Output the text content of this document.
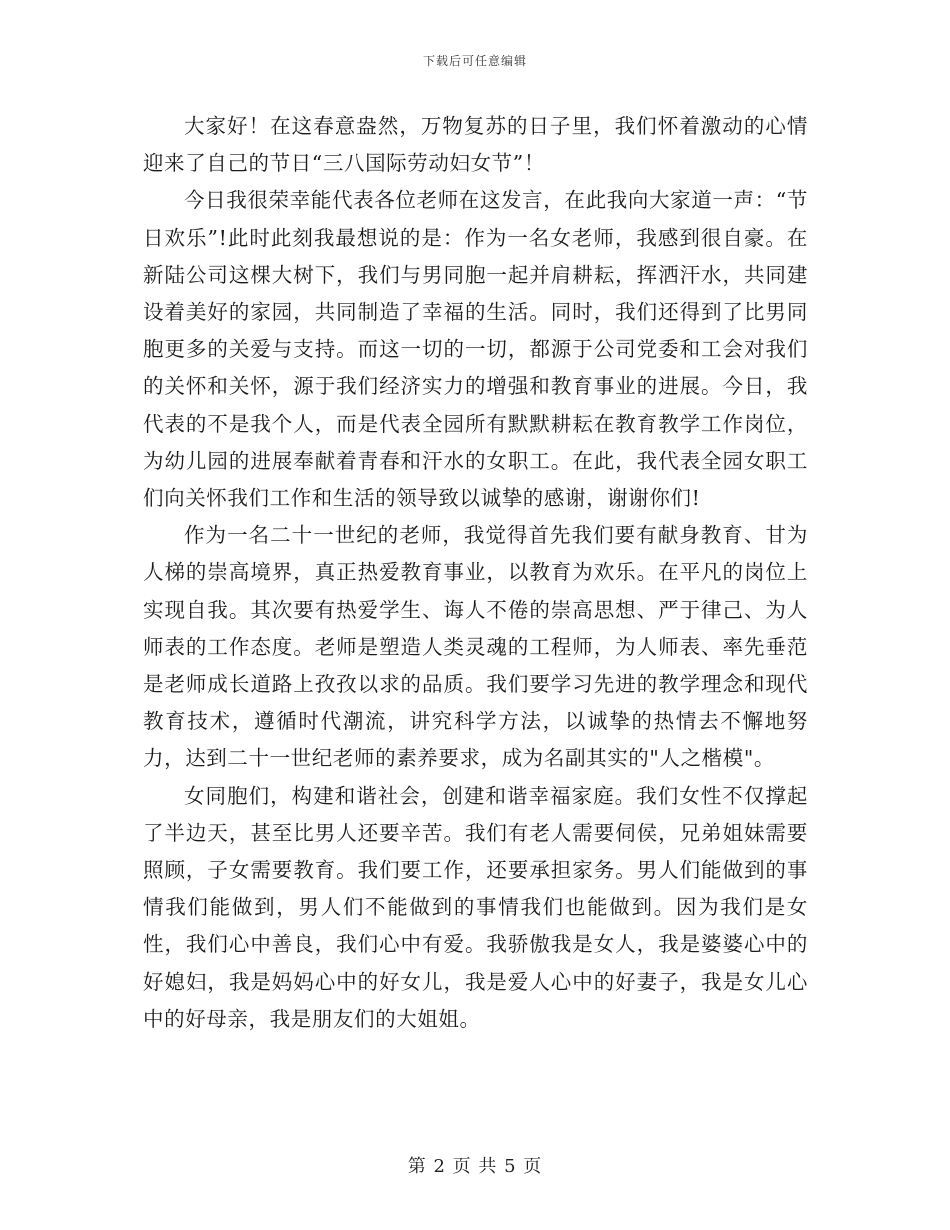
下载后可任意编辑

大家好！在这春意盎然，万物复苏的日子里，我们怀着激动的心情迎来了自己的节日“三八国际劳动妇女节”！

今日我很荣幸能代表各位老师在这发言，在此我向大家道一声：“节日欢乐”!此时此刻我最想说的是：作为一名女老师，我感到很自豪。在新陆公司这棵大树下，我们与男同胞一起并肩耕耘，挥洒汗水，共同建设着美好的家园，共同制造了幸福的生活。同时，我们还得到了比男同胞更多的关爱与支持。而这一切的一切，都源于公司党委和工会对我们的关怀和关怀，源于我们经济实力的增强和教育事业的进展。今日，我代表的不是我个人，而是代表全园所有默默耕耘在教育教学工作岗位，为幼儿园的进展奉献着青春和汗水的女职工。在此，我代表全园女职工们向关怀我们工作和生活的领导致以诚挚的感谢，谢谢你们!

作为一名二十一世纪的老师，我觉得首先我们要有献身教育、甘为人梯的崇高境界，真正热爱教育事业，以教育为欢乐。在平凡的岗位上实现自我。其次要有热爱学生、诲人不倦的崇高思想、严于律己、为人师表的工作态度。老师是塑造人类灵魂的工程师，为人师表、率先垂范是老师成长道路上孜孜以求的品质。我们要学习先进的教学理念和现代教育技术，遵循时代潮流，讲究科学方法，以诚挚的热情去不懈地努力，达到二十一世纪老师的素养要求，成为名副其实的"人之楷模"。

女同胞们，构建和谐社会，创建和谐幸福家庭。我们女性不仅撑起了半边天，甚至比男人还要辛苦。我们有老人需要伺侯，兄弟姐妹需要照顾，子女需要教育。我们要工作，还要承担家务。男人们能做到的事情我们能做到，男人们不能做到的事情我们也能做到。因为我们是女性，我们心中善良，我们心中有爱。我骄傲我是女人，我是婆婆心中的好媳妇，我是妈妈心中的好女儿，我是爱人心中的好妻子，我是女儿心中的好母亲，我是朋友们的大姐姐。

第 2 页 共 5 页
